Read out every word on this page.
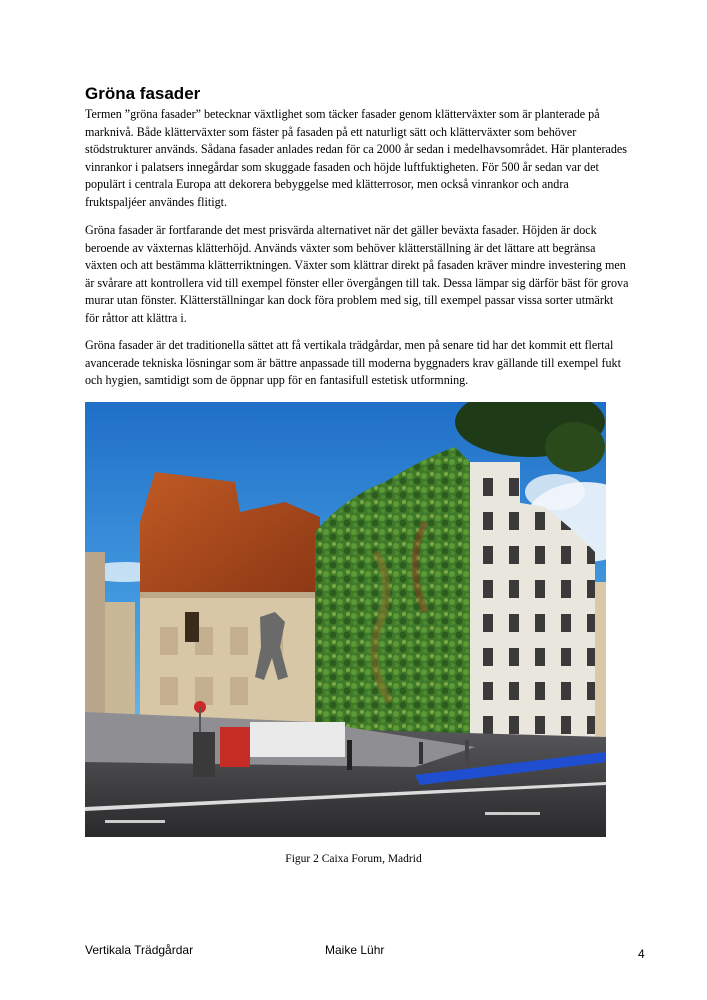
Gröna fasader
Termen ”gröna fasader” betecknar växtlighet som täcker fasader genom klätterväxter som är planterade på marknivå. Både klätterväxter som fäster på fasaden på ett naturligt sätt och klätterväxter som behöver stödstrukturer används. Sådana fasader anlades redan för ca 2000 år sedan i medelhavsområdet. Här planterades vinrankor i palatsers innegårdar som skuggade fasaden och höjde luftfuktigheten. För 500 år sedan var det populärt i centrala Europa att dekorera bebyggelse med klätterrosor, men också vinrankor och andra fruktspaljéer användes flitigt.
Gröna fasader är fortfarande det mest prisvärda alternativet när det gäller beväxta fasader. Höjden är dock beroende av växternas klätterhöjd. Används växter som behöver klätterställning är det lättare att begränsa växten och att bestämma klätterriktningen. Växter som klättrar direkt på fasaden kräver mindre investering men är svårare att kontrollera vid till exempel fönster eller övergången till tak. Dessa lämpar sig därför bäst för grova murar utan fönster. Klätterställningar kan dock föra problem med sig, till exempel passar vissa sorter utmärkt för råttor att klättra i.
Gröna fasader är det traditionella sättet att få vertikala trädgårdar, men på senare tid har det kommit ett flertal avancerade tekniska lösningar som är bättre anpassade till moderna byggnaders krav gällande till exempel fukt och hygien, samtidigt som de öppnar upp för en fantasifull estetisk utformning.
Figur 2 Caixa Forum, Madrid
Vertikala Trädgårdar	Maike Lühr	4
